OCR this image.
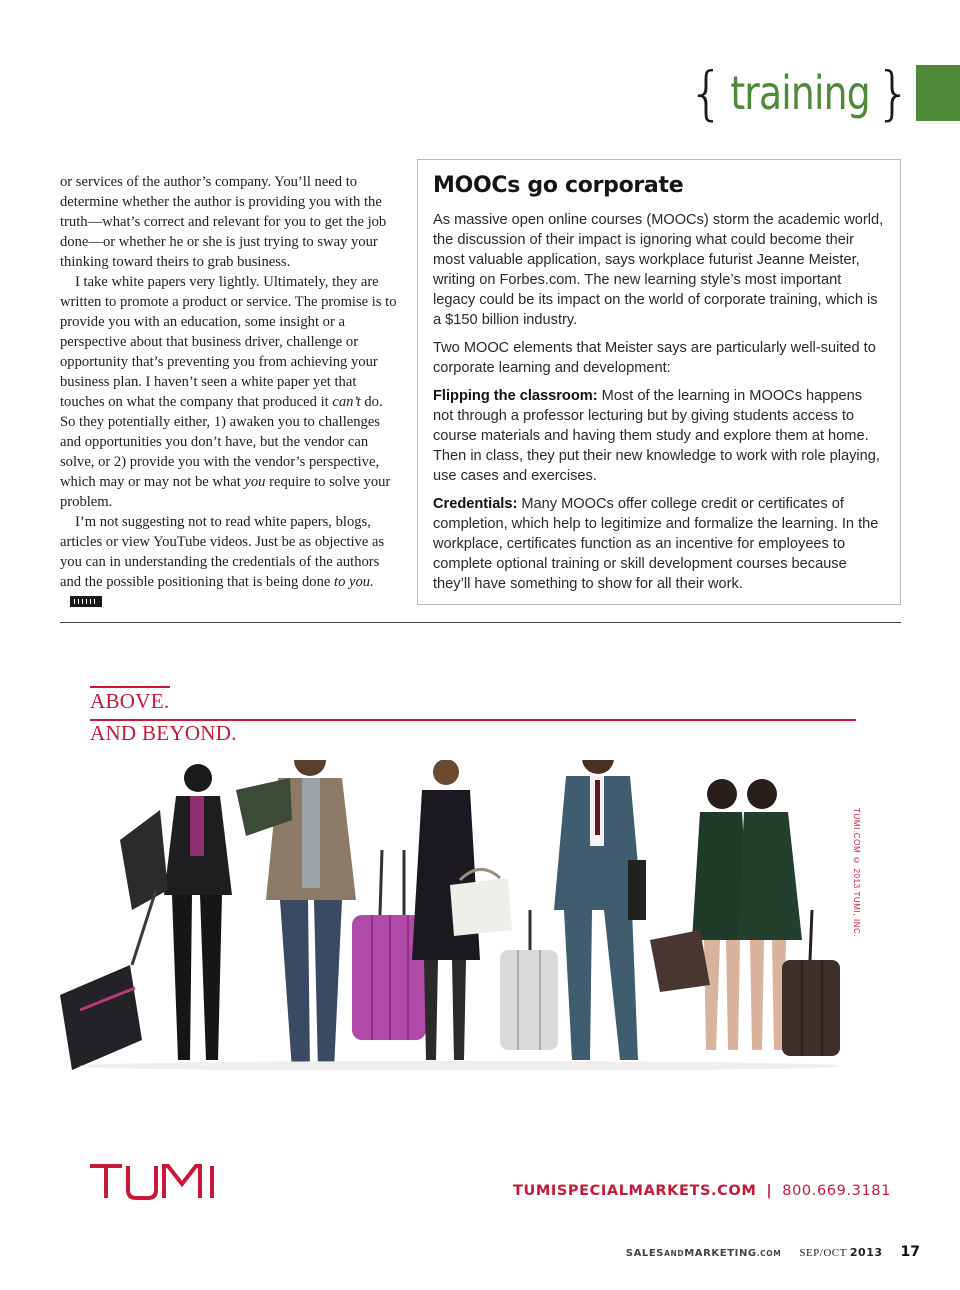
{ training }

or services of the author’s company. You’ll need to determine whether the author is providing you with the truth—what’s correct and relevant for you to get the job done—or whether he or she is just trying to sway your thinking toward theirs to grab business.

I take white papers very lightly. Ultimately, they are written to promote a product or service. The promise is to provide you with an education, some insight or a perspective about that business driver, challenge or opportunity that’s preventing you from achieving your business plan. I haven’t seen a white paper yet that touches on what the company that produced it can’t do. So they potentially either, 1) awaken you to challenges and opportunities you don’t have, but the vendor can solve, or 2) provide you with the vendor’s perspective, which may or may not be what you require to solve your problem.

I’m not suggesting not to read white papers, blogs, articles or view YouTube videos. Just be as objective as you can in understanding the credentials of the authors and the possible positioning that is being done to you.

MOOCs go corporate

As massive open online courses (MOOCs) storm the academic world, the discussion of their impact is ignoring what could become their most valuable application, says workplace futurist Jeanne Meister, writing on Forbes.com. The new learning style’s most important legacy could be its impact on the world of corporate training, which is a $150 billion industry.

Two MOOC elements that Meister says are particularly well-suited to corporate learning and development:

Flipping the classroom: Most of the learning in MOOCs happens not through a professor lecturing but by giving students access to course materials and having them study and explore them at home. Then in class, they put their new knowledge to work with role playing, use cases and exercises.

Credentials: Many MOOCs offer college credit or certificates of completion, which help to legitimize and formalize the learning. In the workplace, certificates function as an incentive for employees to complete optional training or skill development courses because they’ll have something to show for all their work.

ABOVE.
AND BEYOND.
TUMI.COM © 2013 TUMI, INC.
TUMISPECIALMARKETS.COM | 800.669.3181
SALESANDMARKETING.COM SEP/OCT 2013 17
